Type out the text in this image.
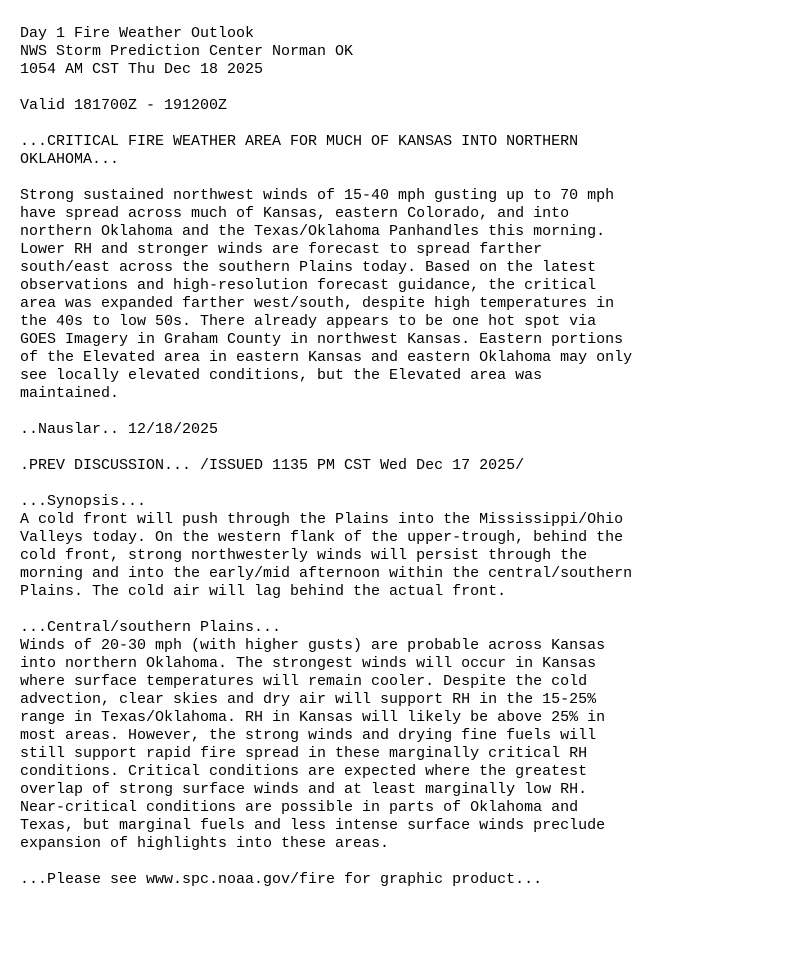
Day 1 Fire Weather Outlook
NWS Storm Prediction Center Norman OK
1054 AM CST Thu Dec 18 2025
Valid 181700Z - 191200Z
...CRITICAL FIRE WEATHER AREA FOR MUCH OF KANSAS INTO NORTHERN
OKLAHOMA...
Strong sustained northwest winds of 15-40 mph gusting up to 70 mph
have spread across much of Kansas, eastern Colorado, and into
northern Oklahoma and the Texas/Oklahoma Panhandles this morning.
Lower RH and stronger winds are forecast to spread farther
south/east across the southern Plains today. Based on the latest
observations and high-resolution forecast guidance, the critical
area was expanded farther west/south, despite high temperatures in
the 40s to low 50s. There already appears to be one hot spot via
GOES Imagery in Graham County in northwest Kansas. Eastern portions
of the Elevated area in eastern Kansas and eastern Oklahoma may only
see locally elevated conditions, but the Elevated area was
maintained.
..Nauslar.. 12/18/2025
.PREV DISCUSSION... /ISSUED 1135 PM CST Wed Dec 17 2025/
...Synopsis...
A cold front will push through the Plains into the Mississippi/Ohio
Valleys today. On the western flank of the upper-trough, behind the
cold front, strong northwesterly winds will persist through the
morning and into the early/mid afternoon within the central/southern
Plains. The cold air will lag behind the actual front.
...Central/southern Plains...
Winds of 20-30 mph (with higher gusts) are probable across Kansas
into northern Oklahoma. The strongest winds will occur in Kansas
where surface temperatures will remain cooler. Despite the cold
advection, clear skies and dry air will support RH in the 15-25%
range in Texas/Oklahoma. RH in Kansas will likely be above 25% in
most areas. However, the strong winds and drying fine fuels will
still support rapid fire spread in these marginally critical RH
conditions. Critical conditions are expected where the greatest
overlap of strong surface winds and at least marginally low RH.
Near-critical conditions are possible in parts of Oklahoma and
Texas, but marginal fuels and less intense surface winds preclude
expansion of highlights into these areas.
...Please see www.spc.noaa.gov/fire for graphic product...
